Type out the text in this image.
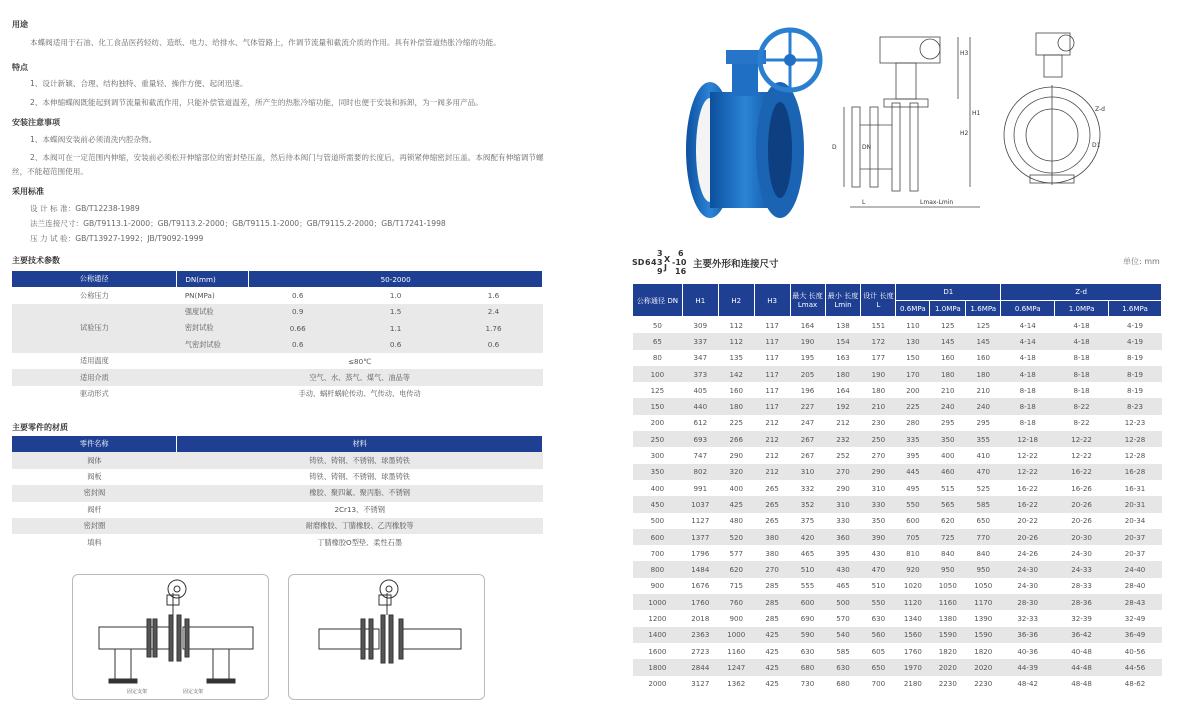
用途

本蝶阀适用于石油、化工食品医药轻纺、造纸、电力、给排水、气体管路上，作调节流量和截流介质的作用。具有补偿管道热胀冷缩的功能。

特点

1、设计新颖、合理、结构独特、重量轻、操作方便、起闭迅速。

2、本伸缩蝶阀既能起到调节流量和截流作用，只能补偿管道温差，所产生的热胀冷缩功能，同时也便于安装和拆卸，为一阀多用产品。

安装注意事项

1、本蝶阀安装前必须清洗内腔杂物。

2、本阀可在一定范围内伸缩，安装前必须松开伸缩部位的密封垫压盖，然后待本阀门与管道所需要的长度后，再锁紧伸缩密封压盖。本阀配有伸缩调节螺丝，不能超范围使用。

采用标准
设 计 标 准：GB/T12238-1989
法兰连接尺寸：GB/T9113.1-2000；GB/T9113.2-2000；GB/T9115.1-2000；GB/T9115.2-2000；GB/T17241-1998
压 力 试 验：GB/T13927-1992；JB/T9092-1999
主要技术参数
公称通径	DN(mm)	50-2000		
公称压力	PN(MPa)	0.6	1.0	1.6
试验压力	强度试验	0.9	1.5	2.4
	密封试验	0.66	1.1	1.76
	气密封试验	0.6	0.6	0.6
适用温度	≤80℃			
适用介质	空气、水、蒸气、煤气、油品等			
驱动形式	手动、蜗杆蜗轮传动、气传动、电传动			
主要零件的材质
零件名称	材料
阀体	铸铁、铸钢、不锈钢、球墨铸铁
阀板	铸铁、铸钢、不锈钢、球墨铸铁
密封阀	橡胶、聚四氟、聚丙脂、不锈钢
阀杆	2Cr13、不锈钢
密封圈	耐磨橡胶、丁腈橡胶、乙丙橡胶等
填料	丁腈橡胶O型垫、柔性石墨
固定支架	固定支架
D	DN
H1
H2
H3
L	Lmax-Lmin
Z-d
D1
SD 6 4
3
3
9
X
J
6
-10
16
主要外形和连接尺寸	单位: mm
公称通径 DN	H1	H2	H3	最大 长度 Lmax	最小 长度 Lmin	设计 长度 L	D1			Z-d		
							0.6MPa	1.0MPa	1.6MPa	0.6MPa	1.0MPa	1.6MPa
50	309	112	117	164	138	151	110	125	125	4-14	4-18	4-19
65	337	112	117	190	154	172	130	145	145	4-14	4-18	4-19
80	347	135	117	195	163	177	150	160	160	4-18	8-18	8-19
100	373	142	117	205	180	190	170	180	180	4-18	8-18	8-19
125	405	160	117	196	164	180	200	210	210	8-18	8-18	8-19
150	440	180	117	227	192	210	225	240	240	8-18	8-22	8-23
200	612	225	212	247	212	230	280	295	295	8-18	8-22	12-23
250	693	266	212	267	232	250	335	350	355	12-18	12-22	12-28
300	747	290	212	267	252	270	395	400	410	12-22	12-22	12-28
350	802	320	212	310	270	290	445	460	470	12-22	16-22	16-28
400	991	400	265	332	290	310	495	515	525	16-22	16-26	16-31
450	1037	425	265	352	310	330	550	565	585	16-22	20-26	20-31
500	1127	480	265	375	330	350	600	620	650	20-22	20-26	20-34
600	1377	520	380	420	360	390	705	725	770	20-26	20-30	20-37
700	1796	577	380	465	395	430	810	840	840	24-26	24-30	20-37
800	1484	620	270	510	430	470	920	950	950	24-30	24-33	24-40
900	1676	715	285	555	465	510	1020	1050	1050	24-30	28-33	28-40
1000	1760	760	285	600	500	550	1120	1160	1170	28-30	28-36	28-43
1200	2018	900	285	690	570	630	1340	1380	1390	32-33	32-39	32-49
1400	2363	1000	425	590	540	560	1560	1590	1590	36-36	36-42	36-49
1600	2723	1160	425	630	585	605	1760	1820	1820	40-36	40-48	40-56
1800	2844	1247	425	680	630	650	1970	2020	2020	44-39	44-48	44-56
2000	3127	1362	425	730	680	700	2180	2230	2230	48-42	48-48	48-62
